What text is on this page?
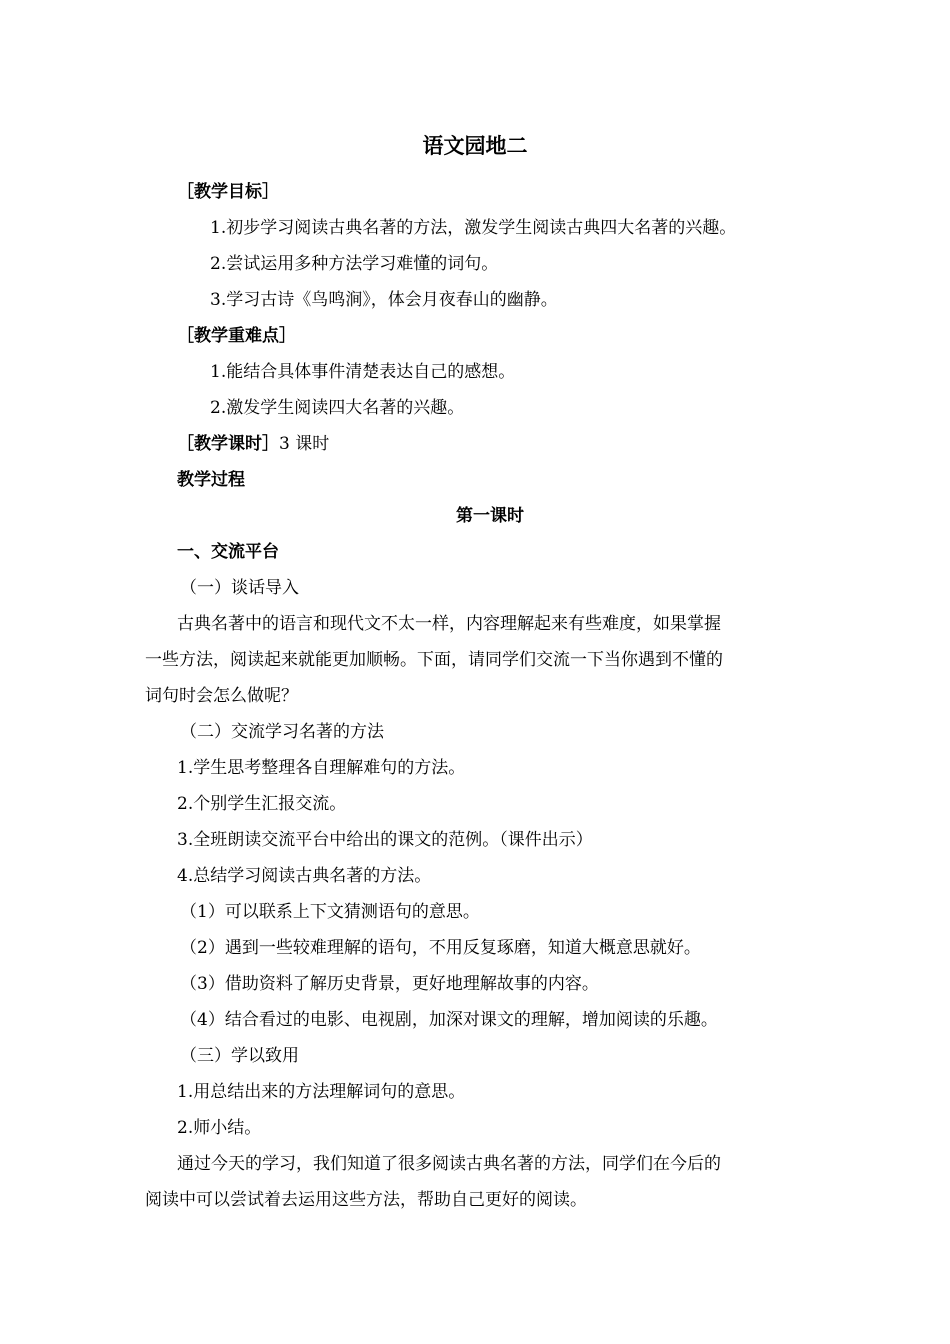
语文园地二
［教学目标］
1.初步学习阅读古典名著的方法，激发学生阅读古典四大名著的兴趣。
2.尝试运用多种方法学习难懂的词句。
3.学习古诗《鸟鸣涧》，体会月夜春山的幽静。
［教学重难点］
1.能结合具体事件清楚表达自己的感想。
2.激发学生阅读四大名著的兴趣。
［教学课时］3 课时
教学过程
第一课时
一、交流平台
（一）谈话导入
古典名著中的语言和现代文不太一样，内容理解起来有些难度，如果掌握
一些方法，阅读起来就能更加顺畅。下面，请同学们交流一下当你遇到不懂的
词句时会怎么做呢？
（二）交流学习名著的方法
1.学生思考整理各自理解难句的方法。
2.个别学生汇报交流。
3.全班朗读交流平台中给出的课文的范例。（课件出示）
4.总结学习阅读古典名著的方法。
（1）可以联系上下文猜测语句的意思。
（2）遇到一些较难理解的语句，不用反复琢磨，知道大概意思就好。
（3）借助资料了解历史背景，更好地理解故事的内容。
（4）结合看过的电影、电视剧，加深对课文的理解，增加阅读的乐趣。
（三）学以致用
1.用总结出来的方法理解词句的意思。
2.师小结。
通过今天的学习，我们知道了很多阅读古典名著的方法，同学们在今后的
阅读中可以尝试着去运用这些方法，帮助自己更好的阅读。
